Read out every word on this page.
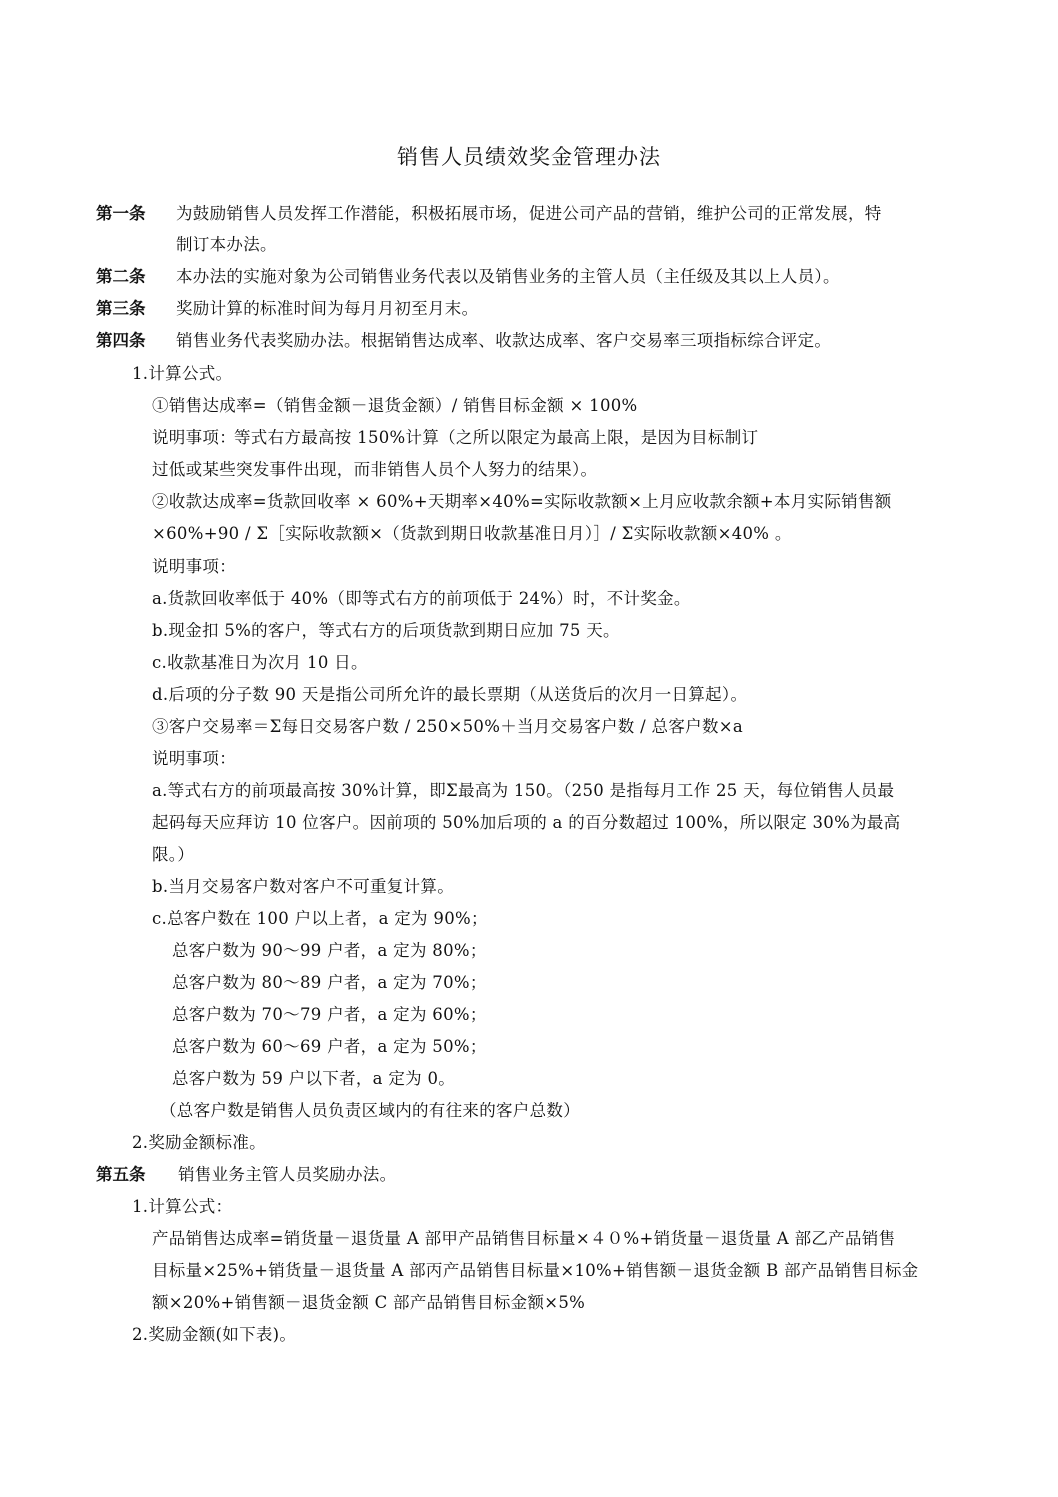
销售人员绩效奖金管理办法
第一条 为鼓励销售人员发挥工作潜能，积极拓展市场，促进公司产品的营销，维护公司的正常发展，特
制订本办法。
第二条 本办法的实施对象为公司销售业务代表以及销售业务的主管人员（主任级及其以上人员）。
第三条 奖励计算的标准时间为每月月初至月末。
第四条 销售业务代表奖励办法。根据销售达成率、收款达成率、客户交易率三项指标综合评定。
1.计算公式。
①销售达成率=（销售金额－退货金额）/ 销售目标金额 × 100%
说明事项：
等式右方最高按 150%计算（之所以限定为最高上限，是因为目标制订
过低或某些突发事件出现，而非销售人员个人努力的结果）。
②收款达成率=货款回收率 × 60%+天期率×40%=实际收款额×上月应收款余额+本月实际销售额
×60%+90 / Σ［实际收款额×（货款到期日收款基准日月）］/ Σ实际收款额×40% 。
说明事项：
a.货款回收率低于 40%（即等式右方的前项低于 24%）时，不计奖金。
b.现金扣 5%的客户，等式右方的后项货款到期日应加 75 天。
c.收款基准日为次月 10 日。
d.后项的分子数 90 天是指公司所允许的最长票期（从送货后的次月一日算起）。
③客户交易率＝Σ每日交易客户数 / 250×50%＋当月交易客户数 / 总客户数×a
说明事项：
a.等式右方的前项最高按 30%计算，即Σ最高为 150。（250 是指每月工作 25 天，每位销售人员最
起码每天应拜访 10 位客户。因前项的 50%加后项的 a 的百分数超过 100%，所以限定 30%为最高
限。）
b.当月交易客户数对客户不可重复计算。
c.总客户数在 100 户以上者，a 定为 90%；
总客户数为 90～99 户者，a 定为 80%；
总客户数为 80～89 户者，a 定为 70%；
总客户数为 70～79 户者，a 定为 60%；
总客户数为 60～69 户者，a 定为 50%；
总客户数为 59 户以下者，a 定为 0。
（总客户数是销售人员负责区域内的有往来的客户总数）
2.奖励金额标准。
第五条 销售业务主管人员奖励办法。
1.计算公式：
产品销售达成率=销货量－退货量 A 部甲产品销售目标量×４０%+销货量－退货量 A 部乙产品销售
目标量×25%+销货量－退货量 A 部丙产品销售目标量×10%+销售额－退货金额 B 部产品销售目标金
额×20%+销售额－退货金额 C 部产品销售目标金额×5%
2.奖励金额(如下表)。
